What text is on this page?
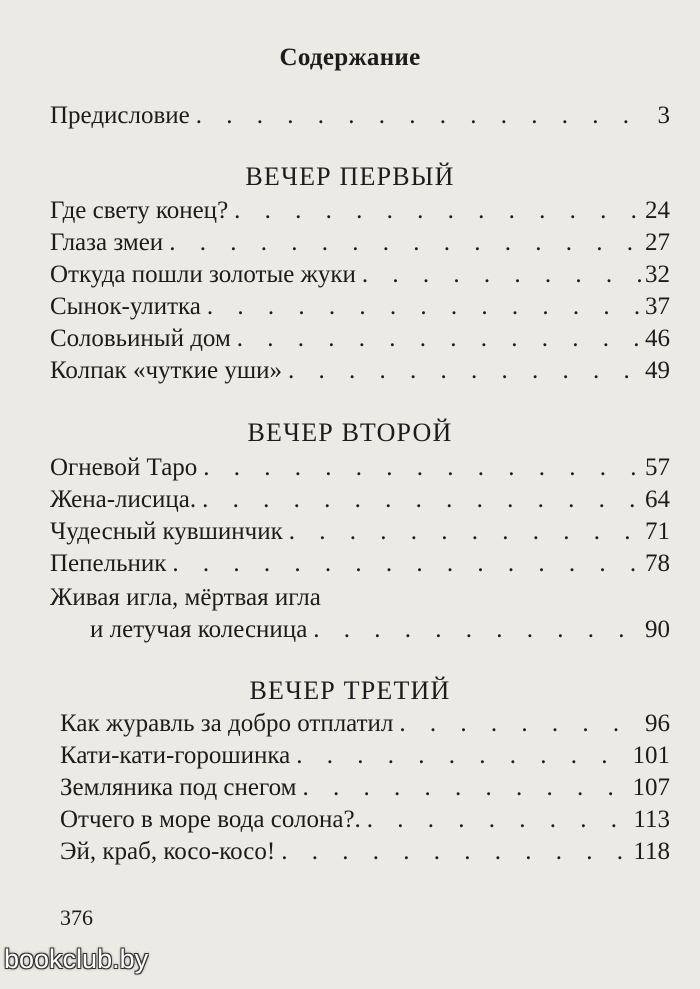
Содержание
Предисловие . . .	3
ВЕЧЕР ПЕРВЫЙ
Где свету конец? . . .	24
Глаза змеи . . .	27
Откуда пошли золотые жуки . . .	32
Сынок-улитка . . .	37
Соловьиный дом . . .	46
Колпак «чуткие уши» . . .	49
ВЕЧЕР ВТОРОЙ
Огневой Таро . . .	57
Жена-лисица. . . .	64
Чудесный кувшинчик . . .	71
Пепельник . . .	78
Живая игла, мёртвая игла
и летучая колесница . . .	90
ВЕЧЕР ТРЕТИЙ
Как журавль за добро отплатил . . .	96
Кати-кати-горошинка . . .	101
Земляника под снегом . . .	107
Отчего в море вода солона?. . . .	113
Эй, краб, косо-косо! . . .	118
376
bookclub.by
